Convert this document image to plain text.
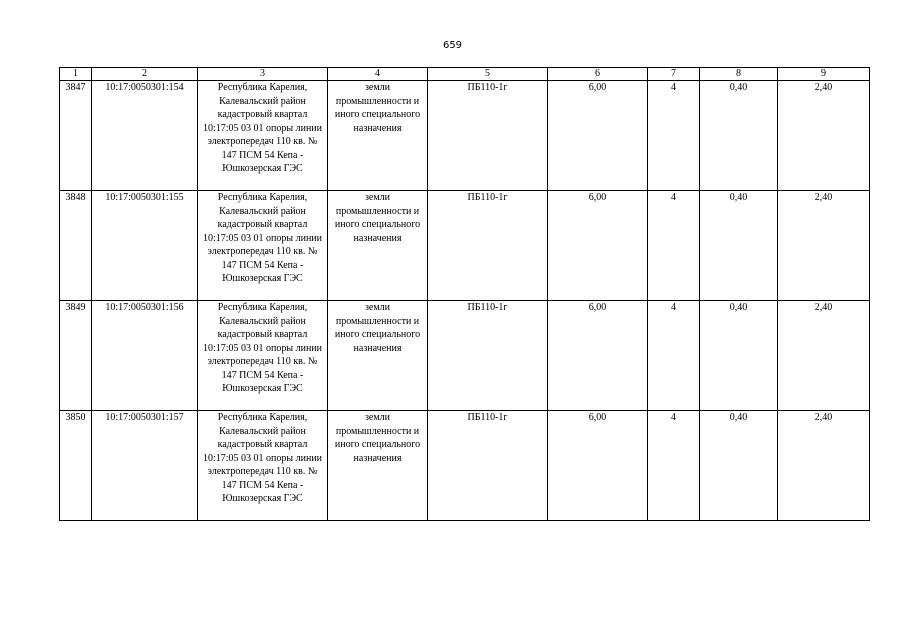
659
1	2	3	4	5	6	7	8	9
3847	10:17:0050301:154	Республика Карелия, Калевальский район кадастровый квартал 10:17:05 03 01 опоры линии электропередач 110 кв. № 147 ПСМ 54 Кепа - Юшкозерская ГЭС	земли промышленности и иного специального назначения	ПБ110-1г	6,00	4	0,40	2,40
3848	10:17:0050301:155	Республика Карелия, Калевальский район кадастровый квартал 10:17:05 03 01 опоры линии электропередач 110 кв. № 147 ПСМ 54 Кепа - Юшкозерская ГЭС	земли промышленности и иного специального назначения	ПБ110-1г	6,00	4	0,40	2,40
3849	10:17:0050301:156	Республика Карелия, Калевальский район кадастровый квартал 10:17:05 03 01 опоры линии электропередач 110 кв. № 147 ПСМ 54 Кепа - Юшкозерская ГЭС	земли промышленности и иного специального назначения	ПБ110-1г	6,00	4	0,40	2,40
3850	10:17:0050301:157	Республика Карелия, Калевальский район кадастровый квартал 10:17:05 03 01 опоры линии электропередач 110 кв. № 147 ПСМ 54 Кепа - Юшкозерская ГЭС	земли промышленности и иного специального назначения	ПБ110-1г	6,00	4	0,40	2,40
